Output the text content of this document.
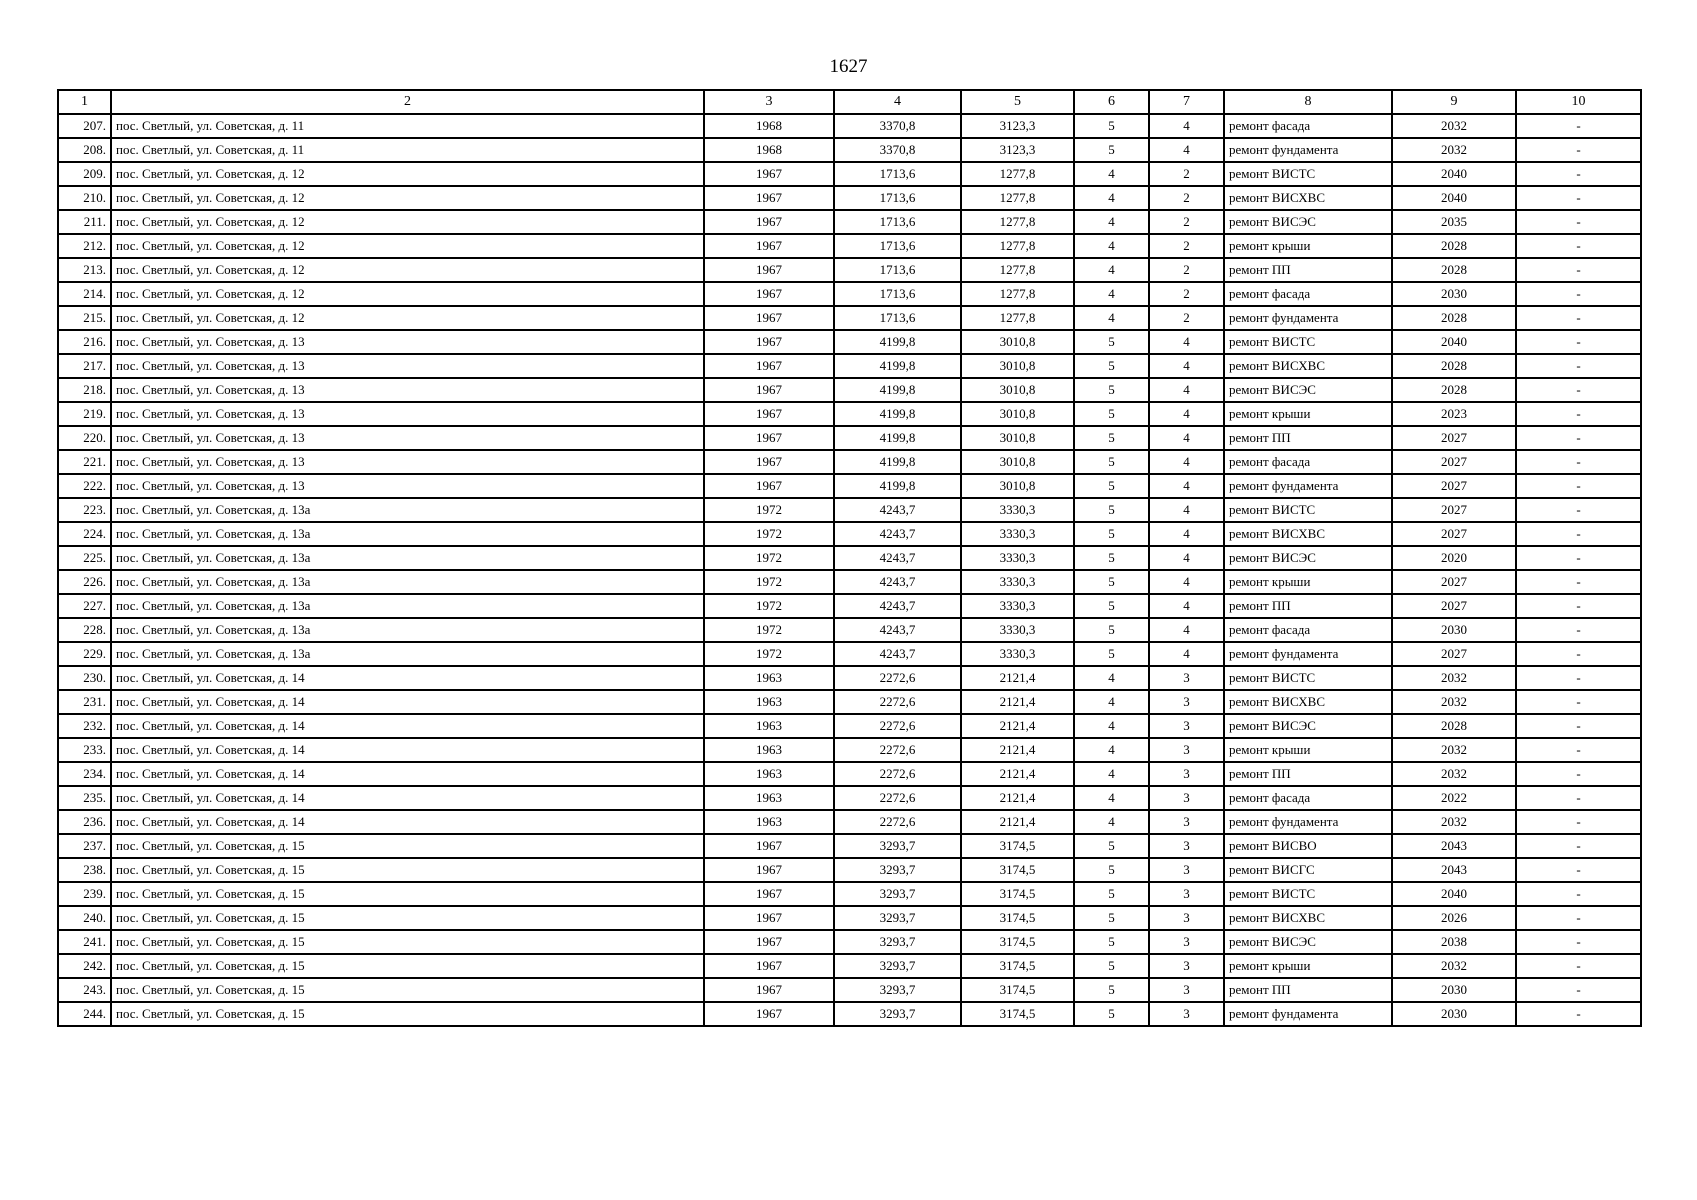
1627
1	2	3	4	5	6	7	8	9	10
207.	пос. Светлый, ул. Советская, д. 11	1968	3370,8	3123,3	5	4	ремонт фасада	2032	-
208.	пос. Светлый, ул. Советская, д. 11	1968	3370,8	3123,3	5	4	ремонт фундамента	2032	-
209.	пос. Светлый, ул. Советская, д. 12	1967	1713,6	1277,8	4	2	ремонт ВИСТС	2040	-
210.	пос. Светлый, ул. Советская, д. 12	1967	1713,6	1277,8	4	2	ремонт ВИСХВС	2040	-
211.	пос. Светлый, ул. Советская, д. 12	1967	1713,6	1277,8	4	2	ремонт ВИСЭС	2035	-
212.	пос. Светлый, ул. Советская, д. 12	1967	1713,6	1277,8	4	2	ремонт крыши	2028	-
213.	пос. Светлый, ул. Советская, д. 12	1967	1713,6	1277,8	4	2	ремонт ПП	2028	-
214.	пос. Светлый, ул. Советская, д. 12	1967	1713,6	1277,8	4	2	ремонт фасада	2030	-
215.	пос. Светлый, ул. Советская, д. 12	1967	1713,6	1277,8	4	2	ремонт фундамента	2028	-
216.	пос. Светлый, ул. Советская, д. 13	1967	4199,8	3010,8	5	4	ремонт ВИСТС	2040	-
217.	пос. Светлый, ул. Советская, д. 13	1967	4199,8	3010,8	5	4	ремонт ВИСХВС	2028	-
218.	пос. Светлый, ул. Советская, д. 13	1967	4199,8	3010,8	5	4	ремонт ВИСЭС	2028	-
219.	пос. Светлый, ул. Советская, д. 13	1967	4199,8	3010,8	5	4	ремонт крыши	2023	-
220.	пос. Светлый, ул. Советская, д. 13	1967	4199,8	3010,8	5	4	ремонт ПП	2027	-
221.	пос. Светлый, ул. Советская, д. 13	1967	4199,8	3010,8	5	4	ремонт фасада	2027	-
222.	пос. Светлый, ул. Советская, д. 13	1967	4199,8	3010,8	5	4	ремонт фундамента	2027	-
223.	пос. Светлый, ул. Советская, д. 13а	1972	4243,7	3330,3	5	4	ремонт ВИСТС	2027	-
224.	пос. Светлый, ул. Советская, д. 13а	1972	4243,7	3330,3	5	4	ремонт ВИСХВС	2027	-
225.	пос. Светлый, ул. Советская, д. 13а	1972	4243,7	3330,3	5	4	ремонт ВИСЭС	2020	-
226.	пос. Светлый, ул. Советская, д. 13а	1972	4243,7	3330,3	5	4	ремонт крыши	2027	-
227.	пос. Светлый, ул. Советская, д. 13а	1972	4243,7	3330,3	5	4	ремонт ПП	2027	-
228.	пос. Светлый, ул. Советская, д. 13а	1972	4243,7	3330,3	5	4	ремонт фасада	2030	-
229.	пос. Светлый, ул. Советская, д. 13а	1972	4243,7	3330,3	5	4	ремонт фундамента	2027	-
230.	пос. Светлый, ул. Советская, д. 14	1963	2272,6	2121,4	4	3	ремонт ВИСТС	2032	-
231.	пос. Светлый, ул. Советская, д. 14	1963	2272,6	2121,4	4	3	ремонт ВИСХВС	2032	-
232.	пос. Светлый, ул. Советская, д. 14	1963	2272,6	2121,4	4	3	ремонт ВИСЭС	2028	-
233.	пос. Светлый, ул. Советская, д. 14	1963	2272,6	2121,4	4	3	ремонт крыши	2032	-
234.	пос. Светлый, ул. Советская, д. 14	1963	2272,6	2121,4	4	3	ремонт ПП	2032	-
235.	пос. Светлый, ул. Советская, д. 14	1963	2272,6	2121,4	4	3	ремонт фасада	2022	-
236.	пос. Светлый, ул. Советская, д. 14	1963	2272,6	2121,4	4	3	ремонт фундамента	2032	-
237.	пос. Светлый, ул. Советская, д. 15	1967	3293,7	3174,5	5	3	ремонт ВИСВО	2043	-
238.	пос. Светлый, ул. Советская, д. 15	1967	3293,7	3174,5	5	3	ремонт ВИСГС	2043	-
239.	пос. Светлый, ул. Советская, д. 15	1967	3293,7	3174,5	5	3	ремонт ВИСТС	2040	-
240.	пос. Светлый, ул. Советская, д. 15	1967	3293,7	3174,5	5	3	ремонт ВИСХВС	2026	-
241.	пос. Светлый, ул. Советская, д. 15	1967	3293,7	3174,5	5	3	ремонт ВИСЭС	2038	-
242.	пос. Светлый, ул. Советская, д. 15	1967	3293,7	3174,5	5	3	ремонт крыши	2032	-
243.	пос. Светлый, ул. Советская, д. 15	1967	3293,7	3174,5	5	3	ремонт ПП	2030	-
244.	пос. Светлый, ул. Советская, д. 15	1967	3293,7	3174,5	5	3	ремонт фундамента	2030	-
